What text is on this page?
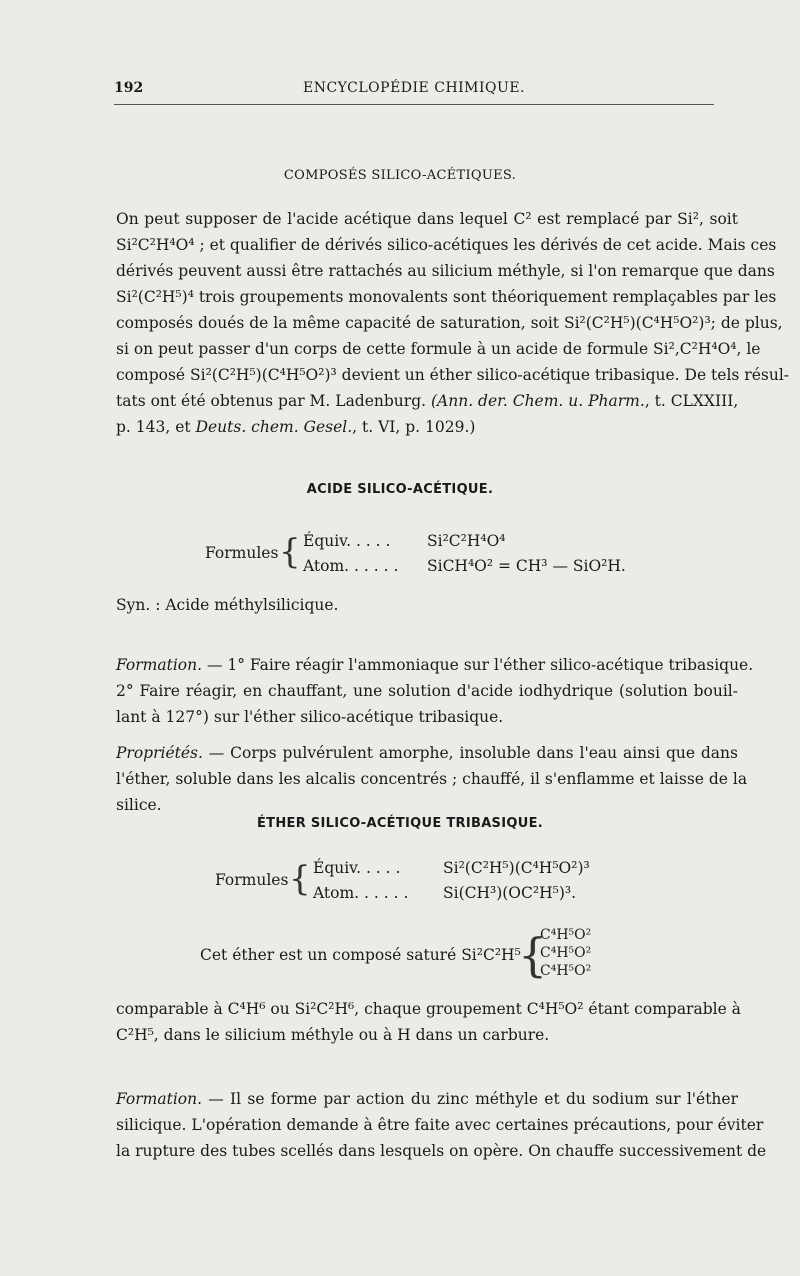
192	ENCYCLOPÉDIE CHIMIQUE.
COMPOSÉS SILICO-ACÉTIQUES.
On peut supposer de l'acide acétique dans lequel C² est remplacé par Si², soit
Si²C²H⁴O⁴ ; et qualifier de dérivés silico-acétiques les dérivés de cet acide. Mais ces
dérivés peuvent aussi être rattachés au silicium méthyle, si l'on remarque que dans
Si²(C²H⁵)⁴ trois groupements monovalents sont théoriquement remplaçables par les
composés doués de la même capacité de saturation, soit Si²(C²H⁵)(C⁴H⁵O²)³; de plus,
si on peut passer d'un corps de cette formule à un acide de formule Si²,C²H⁴O⁴, le
composé Si²(C²H⁵)(C⁴H⁵O²)³ devient un éther silico-acétique tribasique. De tels résul-
tats ont été obtenus par M. Ladenburg. (Ann. der. Chem. u. Pharm., t. CLXXIII,
p. 143, et Deuts. chem. Gesel., t. VI, p. 1029.)
ACIDE SILICO-ACÉTIQUE.
Formules { Équiv. . . . . Si²C²H⁴O⁴
Atom. . . . . . SiCH⁴O² = CH³ — SiO²H.
Syn. : Acide méthylsilicique.
Formation. — 1° Faire réagir l'ammoniaque sur l'éther silico-acétique tribasique.
2° Faire réagir, en chauffant, une solution d'acide iodhydrique (solution bouil-
lant à 127°) sur l'éther silico-acétique tribasique.
Propriétés. — Corps pulvérulent amorphe, insoluble dans l'eau ainsi que dans
l'éther, soluble dans les alcalis concentrés ; chauffé, il s'enflamme et laisse de la
silice.
ÉTHER SILICO-ACÉTIQUE TRIBASIQUE.
Formules { Équiv. . . . .	Si²(C²H⁵)(C⁴H⁵O²)³
Atom. . . . . . Si(CH³)(OC²H⁵)³.
Cet éther est un composé saturé Si²C²H⁵
{
C⁴H⁵O²
C⁴H⁵O²
C⁴H⁵O²
comparable à C⁴H⁶ ou Si²C²H⁶, chaque groupement C⁴H⁵O² étant comparable à
C²H⁵, dans le silicium méthyle ou à H dans un carbure.
Formation. — Il se forme par action du zinc méthyle et du sodium sur l'éther
silicique. L'opération demande à être faite avec certaines précautions, pour éviter
la rupture des tubes scellés dans lesquels on opère. On chauffe successivement de
